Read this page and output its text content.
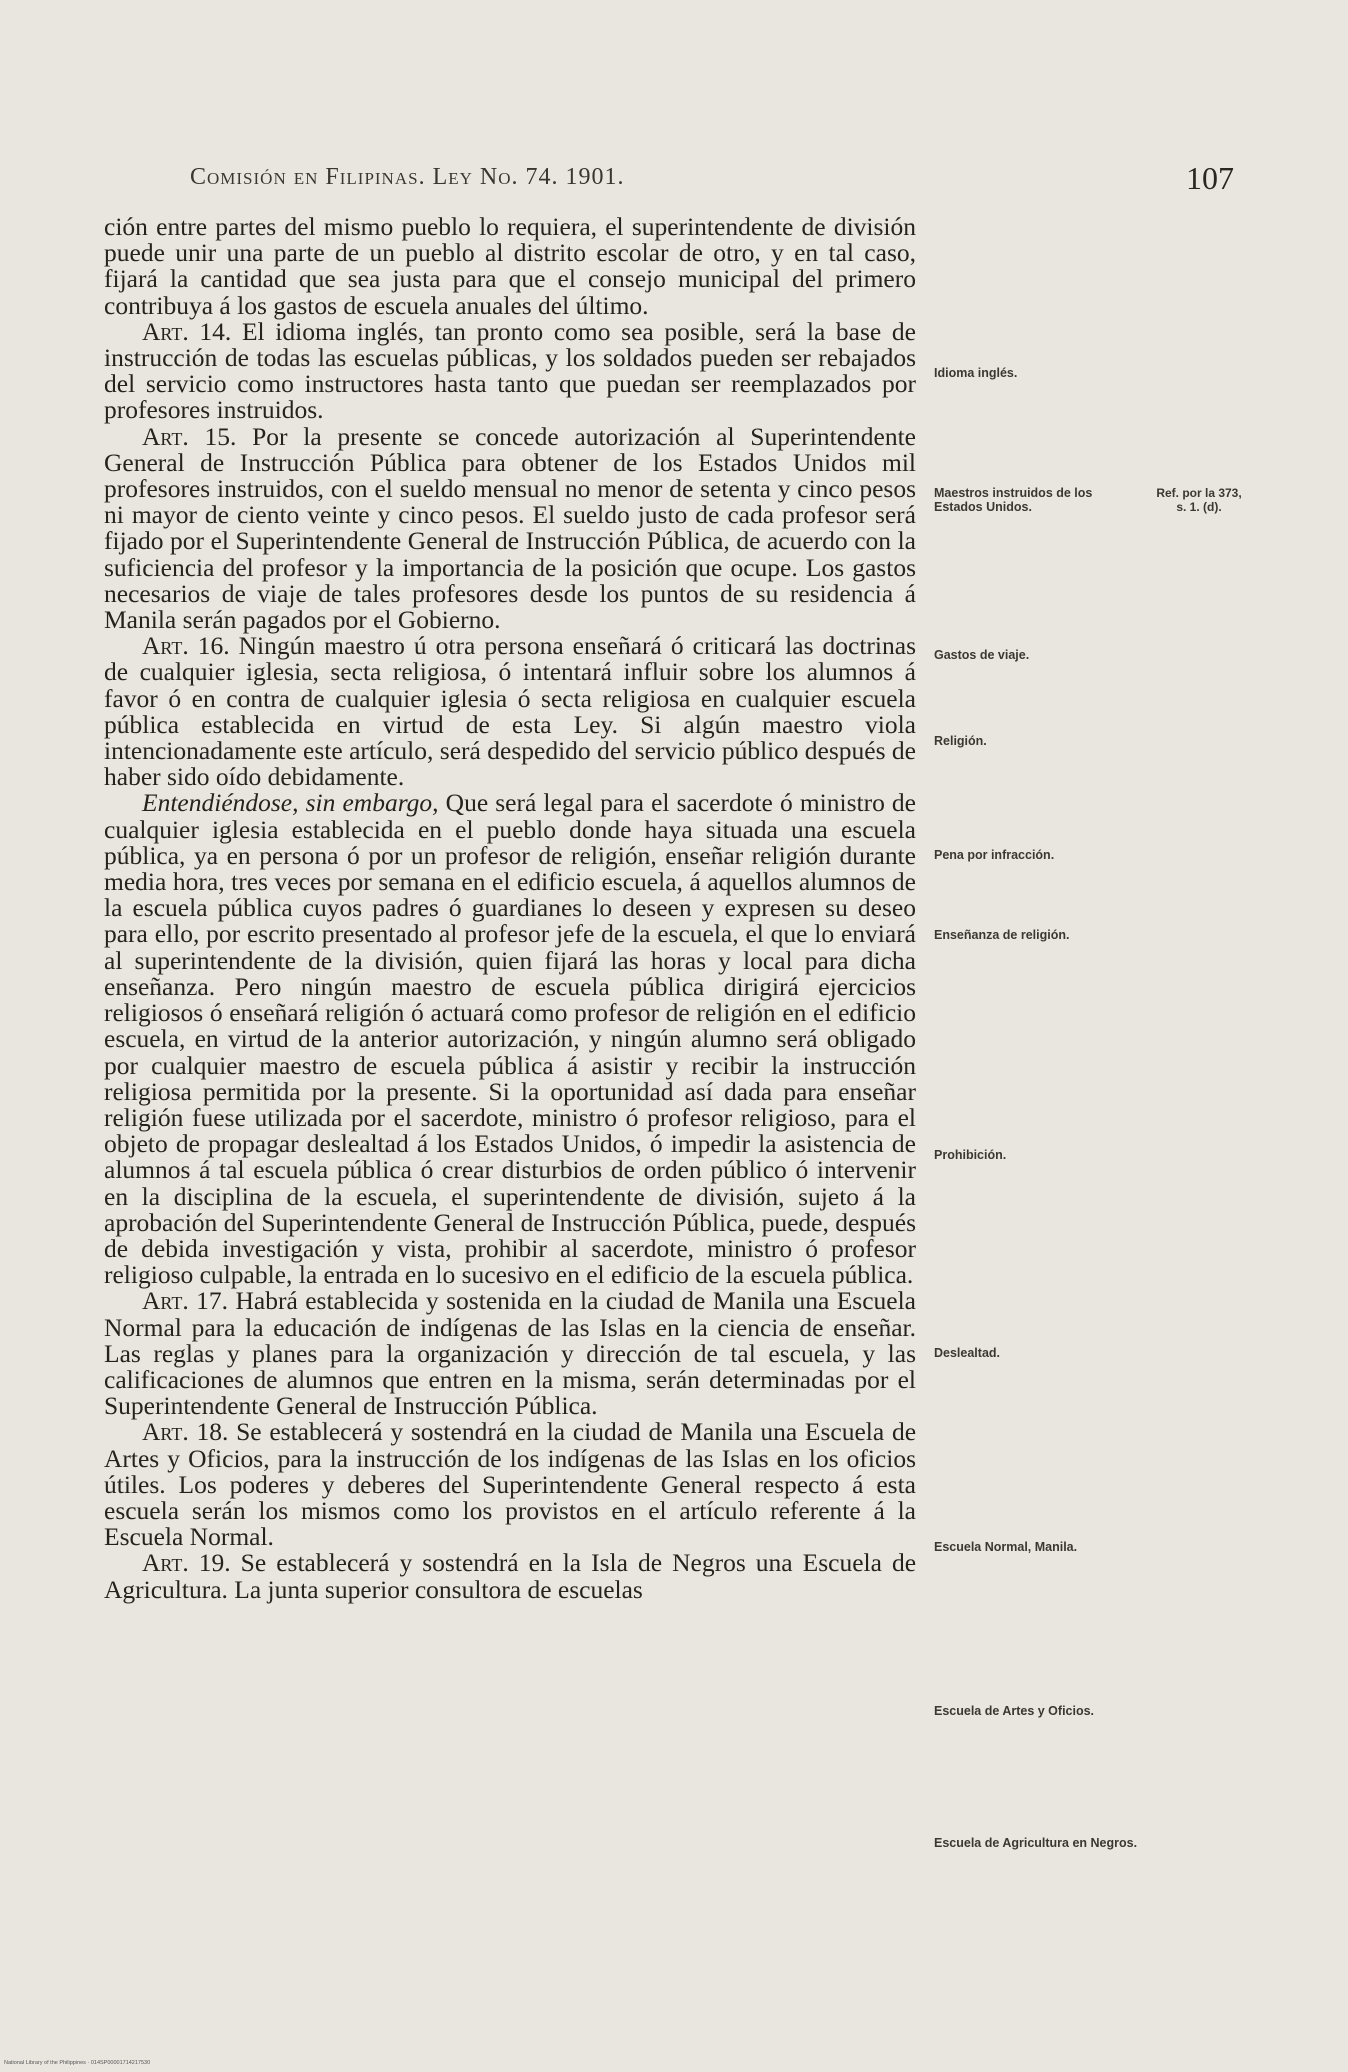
Comisión en Filipinas. Ley No. 74. 1901.	107

ción entre partes del mismo pueblo lo requiera, el superintendente de división puede unir una parte de un pueblo al distrito escolar de otro, y en tal caso, fijará la cantidad que sea justa para que el consejo municipal del primero contribuya á los gastos de escuela anuales del último.

Art. 14. El idioma inglés, tan pronto como sea posible, será la base de instrucción de todas las escuelas públicas, y los soldados pueden ser rebajados del servicio como instructores hasta tanto que puedan ser reemplazados por profesores instruidos.

Art. 15. Por la presente se concede autorización al Superintendente General de Instrucción Pública para obtener de los Estados Unidos mil profesores instruidos, con el sueldo mensual no menor de setenta y cinco pesos ni mayor de ciento veinte y cinco pesos. El sueldo justo de cada profesor será fijado por el Superintendente General de Instrucción Pública, de acuerdo con la suficiencia del profesor y la importancia de la posición que ocupe. Los gastos necesarios de viaje de tales profesores desde los puntos de su residencia á Manila serán pagados por el Gobierno.

Art. 16. Ningún maestro ú otra persona enseñará ó criticará las doctrinas de cualquier iglesia, secta religiosa, ó intentará influir sobre los alumnos á favor ó en contra de cualquier iglesia ó secta religiosa en cualquier escuela pública establecida en virtud de esta Ley. Si algún maestro viola intencionadamente este artículo, será despedido del servicio público después de haber sido oído debidamente.

Entendiéndose, sin embargo, Que será legal para el sacerdote ó ministro de cualquier iglesia establecida en el pueblo donde haya situada una escuela pública, ya en persona ó por un profesor de religión, enseñar religión durante media hora, tres veces por semana en el edificio escuela, á aquellos alumnos de la escuela pública cuyos padres ó guardianes lo deseen y expresen su deseo para ello, por escrito presentado al profesor jefe de la escuela, el que lo enviará al superintendente de la división, quien fijará las horas y local para dicha enseñanza. Pero ningún maestro de escuela pública dirigirá ejercicios religiosos ó enseñará religión ó actuará como profesor de religión en el edificio escuela, en virtud de la anterior autorización, y ningún alumno será obligado por cualquier maestro de escuela pública á asistir y recibir la instrucción religiosa permitida por la presente. Si la oportunidad así dada para enseñar religión fuese utilizada por el sacerdote, ministro ó profesor religioso, para el objeto de propagar deslealtad á los Estados Unidos, ó impedir la asistencia de alumnos á tal escuela pública ó crear disturbios de orden público ó intervenir en la disciplina de la escuela, el superintendente de división, sujeto á la aprobación del Superintendente General de Instrucción Pública, puede, después de debida investigación y vista, prohibir al sacerdote, ministro ó profesor religioso culpable, la entrada en lo sucesivo en el edificio de la escuela pública.

Art. 17. Habrá establecida y sostenida en la ciudad de Manila una Escuela Normal para la educación de indígenas de las Islas en la ciencia de enseñar. Las reglas y planes para la organización y dirección de tal escuela, y las calificaciones de alumnos que entren en la misma, serán determinadas por el Superintendente General de Instrucción Pública.

Art. 18. Se establecerá y sostendrá en la ciudad de Manila una Escuela de Artes y Oficios, para la instrucción de los indígenas de las Islas en los oficios útiles. Los poderes y deberes del Superintendente General respecto á esta escuela serán los mismos como los provistos en el artículo referente á la Escuela Normal.

Art. 19. Se establecerá y sostendrá en la Isla de Negros una Escuela de Agricultura. La junta superior consultora de escuelas

Idioma inglés.
Maestros instruidos de los Estados Unidos.
Ref. por la 373, s. 1. (d).
Gastos de viaje.
Religión.
Pena por infracción.
Enseñanza de religión.
Prohibición.
Deslealtad.
Escuela Normal, Manila.
Escuela de Artes y Oficios.
Escuela de Agricultura en Negros.
National Library of the Philippines · 014SP00001714217530
